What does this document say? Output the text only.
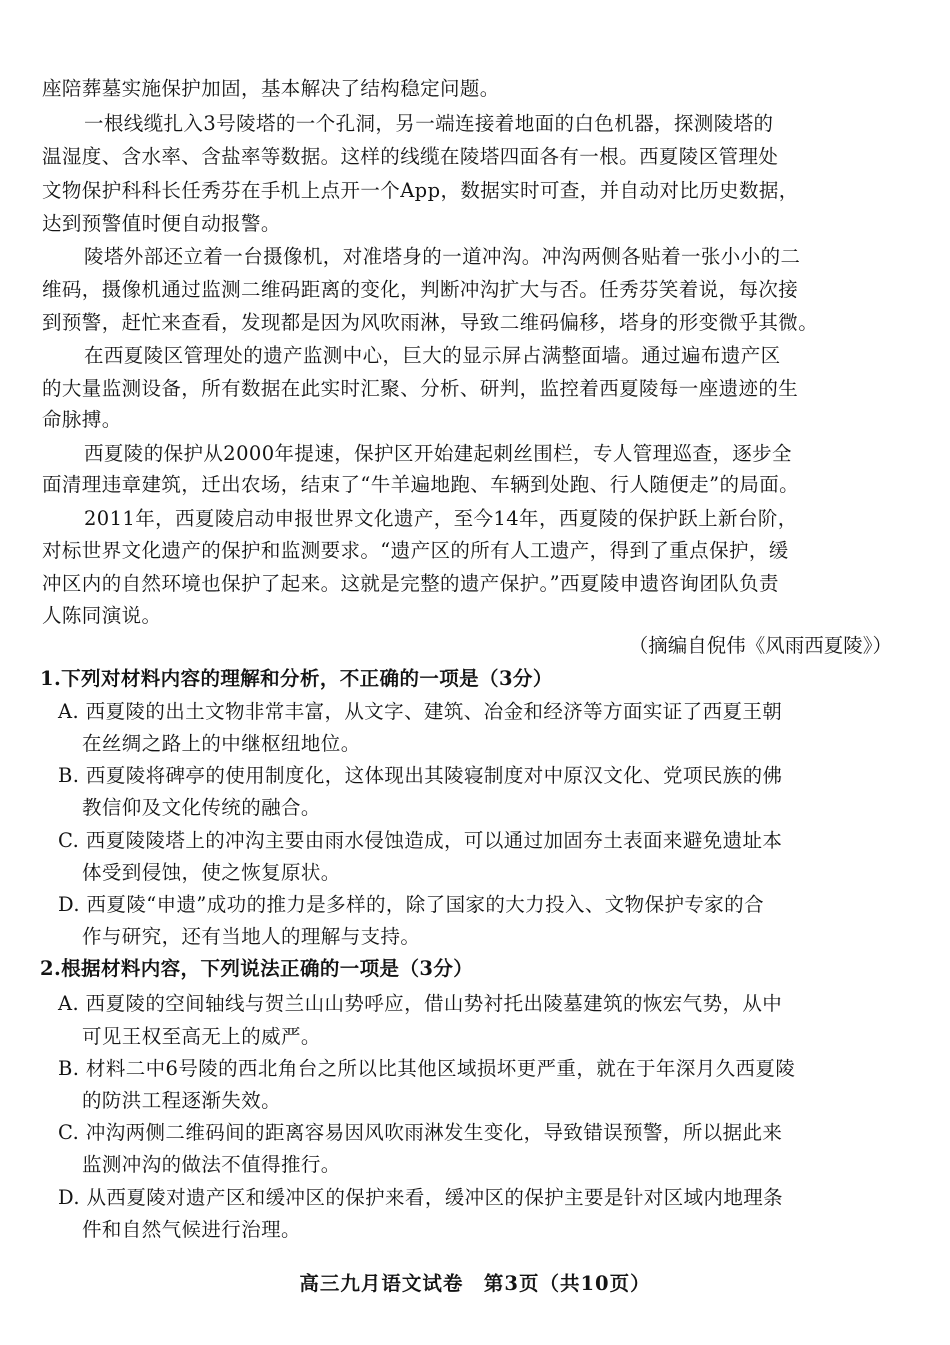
座陪葬墓实施保护加固，基本解决了结构稳定问题。
一根线缆扎入3号陵塔的一个孔洞，另一端连接着地面的白色机器，探测陵塔的
温湿度、含水率、含盐率等数据。这样的线缆在陵塔四面各有一根。西夏陵区管理处
文物保护科科长任秀芬在手机上点开一个App，数据实时可查，并自动对比历史数据，
达到预警值时便自动报警。
陵塔外部还立着一台摄像机，对准塔身的一道冲沟。冲沟两侧各贴着一张小小的二
维码，摄像机通过监测二维码距离的变化，判断冲沟扩大与否。任秀芬笑着说，每次接
到预警，赶忙来查看，发现都是因为风吹雨淋，导致二维码偏移，塔身的形变微乎其微。
在西夏陵区管理处的遗产监测中心，巨大的显示屏占满整面墙。通过遍布遗产区
的大量监测设备，所有数据在此实时汇聚、分析、研判，监控着西夏陵每一座遗迹的生
命脉搏。
西夏陵的保护从2000年提速，保护区开始建起刺丝围栏，专人管理巡查，逐步全
面清理违章建筑，迁出农场，结束了“牛羊遍地跑、车辆到处跑、行人随便走”的局面。
2011年，西夏陵启动申报世界文化遗产，至今14年，西夏陵的保护跃上新台阶，
对标世界文化遗产的保护和监测要求。“遗产区的所有人工遗产，得到了重点保护，缓
冲区内的自然环境也保护了起来。这就是完整的遗产保护。”西夏陵申遗咨询团队负责
人陈同演说。
（摘编自倪伟《风雨西夏陵》）
1.下列对材料内容的理解和分析，不正确的一项是（3分）
A. 西夏陵的出土文物非常丰富，从文字、建筑、冶金和经济等方面实证了西夏王朝
在丝绸之路上的中继枢纽地位。
B. 西夏陵将碑亭的使用制度化，这体现出其陵寝制度对中原汉文化、党项民族的佛
教信仰及文化传统的融合。
C. 西夏陵陵塔上的冲沟主要由雨水侵蚀造成，可以通过加固夯土表面来避免遗址本
体受到侵蚀，使之恢复原状。
D. 西夏陵“申遗”成功的推力是多样的，除了国家的大力投入、文物保护专家的合
作与研究，还有当地人的理解与支持。
2.根据材料内容，下列说法正确的一项是（3分）
A. 西夏陵的空间轴线与贺兰山山势呼应，借山势衬托出陵墓建筑的恢宏气势，从中
可见王权至高无上的威严。
B. 材料二中6号陵的西北角台之所以比其他区域损坏更严重，就在于年深月久西夏陵
的防洪工程逐渐失效。
C. 冲沟两侧二维码间的距离容易因风吹雨淋发生变化，导致错误预警，所以据此来
监测冲沟的做法不值得推行。
D. 从西夏陵对遗产区和缓冲区的保护来看，缓冲区的保护主要是针对区域内地理条
件和自然气候进行治理。
高三九月语文试卷　第3页（共10页）
